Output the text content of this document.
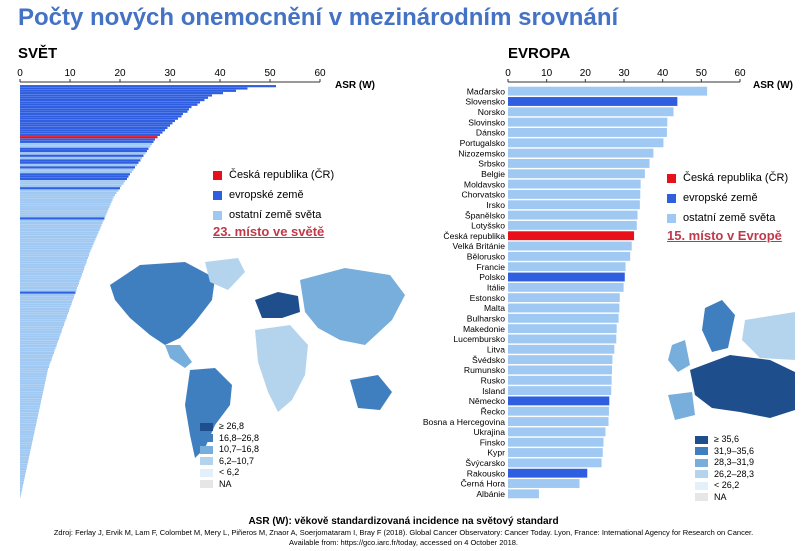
Počty nových onemocnění v mezinárodním srovnání
SVĚT	EVROPA
0	10	20	30	40	50	60
ASR (W)
0	10	20	30	40	50	60
ASR (W)
Maďarsko
Slovensko
Norsko
Slovinsko
Dánsko
Portugalsko
Nizozemsko
Srbsko
Belgie
Moldavsko
Chorvatsko
Irsko
Španělsko
Lotyšsko
Česká republika
Velká Británie
Bělorusko
Francie
Polsko
Itálie
Estonsko
Malta
Bulharsko
Makedonie
Lucembursko
Litva
Švédsko
Rumunsko
Rusko
Island
Německo
Řecko
Bosna a Hercegovina
Ukrajina
Finsko
Kypr
Švýcarsko
Rakousko
Černá Hora
Albánie
Česká republika (ČR)
evropské země
ostatní země světa
23. místo ve světě
Česká republika (ČR)
evropské země
ostatní země světa
15. místo v Evropě
≥ 26,8
16,8–26,8
10,7–16,8
6,2–10,7
< 6,2
NA
≥ 35,6
31,9–35,6
28,3–31,9
26,2–28,3
< 26,2
NA
ASR (W): věkově standardizovaná incidence na světový standard
Zdroj: Ferlay J, Ervik M, Lam F, Colombet M, Mery L, Piñeros M, Znaor A, Soerjomataram I, Bray F (2018). Global Cancer Observatory: Cancer Today. Lyon, France: International Agency for Research on Cancer.
Available from: https://gco.iarc.fr/today, accessed on 4 October 2018.
